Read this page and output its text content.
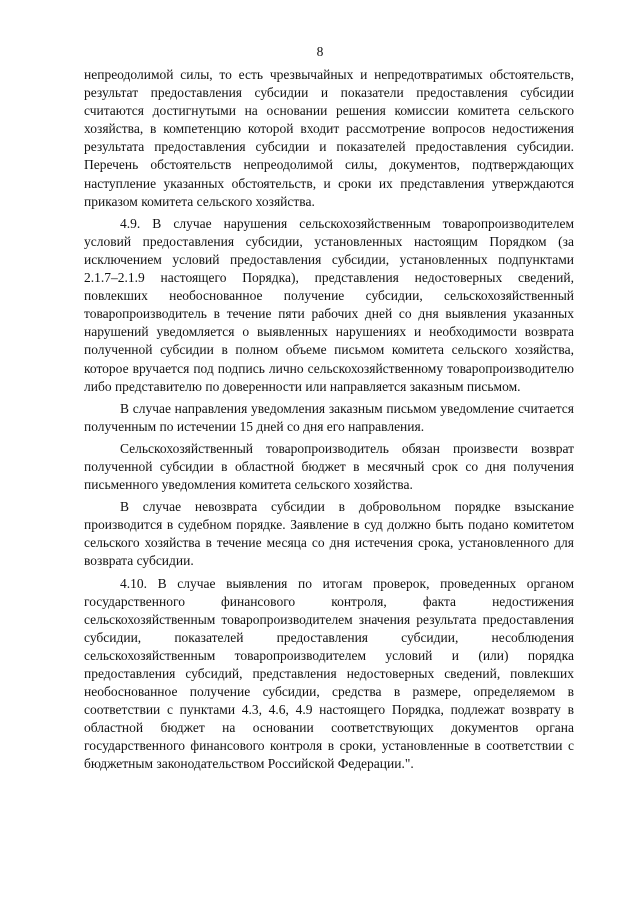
8

непреодолимой силы, то есть чрезвычайных и непредотвратимых обстоятельств, результат предоставления субсидии и показатели предоставления субсидии считаются достигнутыми на основании решения комиссии комитета сельского хозяйства, в компетенцию которой входит рассмотрение вопросов недостижения результата предоставления субсидии и показателей предоставления субсидии. Перечень обстоятельств непреодолимой силы, документов, подтверждающих наступление указанных обстоятельств, и сроки их представления утверждаются приказом комитета сельского хозяйства.

4.9. В случае нарушения сельскохозяйственным товаропроизводителем условий предоставления субсидии, установленных настоящим Порядком (за исключением условий предоставления субсидии, установленных подпунктами 2.1.7–2.1.9 настоящего Порядка), представления недостоверных сведений, повлекших необоснованное получение субсидии, сельскохозяйственный товаропроизводитель в течение пяти рабочих дней со дня выявления указанных нарушений уведомляется о выявленных нарушениях и необходимости возврата полученной субсидии в полном объеме письмом комитета сельского хозяйства, которое вручается под подпись лично сельскохозяйственному товаропроизводителю либо представителю по доверенности или направляется заказным письмом.

В случае направления уведомления заказным письмом уведомление считается полученным по истечении 15 дней со дня его направления.

Сельскохозяйственный товаропроизводитель обязан произвести возврат полученной субсидии в областной бюджет в месячный срок со дня получения письменного уведомления комитета сельского хозяйства.

В случае невозврата субсидии в добровольном порядке взыскание производится в судебном порядке. Заявление в суд должно быть подано комитетом сельского хозяйства в течение месяца со дня истечения срока, установленного для возврата субсидии.

4.10. В случае выявления по итогам проверок, проведенных органом государственного финансового контроля, факта недостижения сельскохозяйственным товаропроизводителем значения результата предоставления субсидии, показателей предоставления субсидии, несоблюдения сельскохозяйственным товаропроизводителем условий и (или) порядка предоставления субсидий, представления недостоверных сведений, повлекших необоснованное получение субсидии, средства в размере, определяемом в соответствии с пунктами 4.3, 4.6, 4.9 настоящего Порядка, подлежат возврату в областной бюджет на основании соответствующих документов органа государственного финансового контроля в сроки, установленные в соответствии с бюджетным законодательством Российской Федерации.".
